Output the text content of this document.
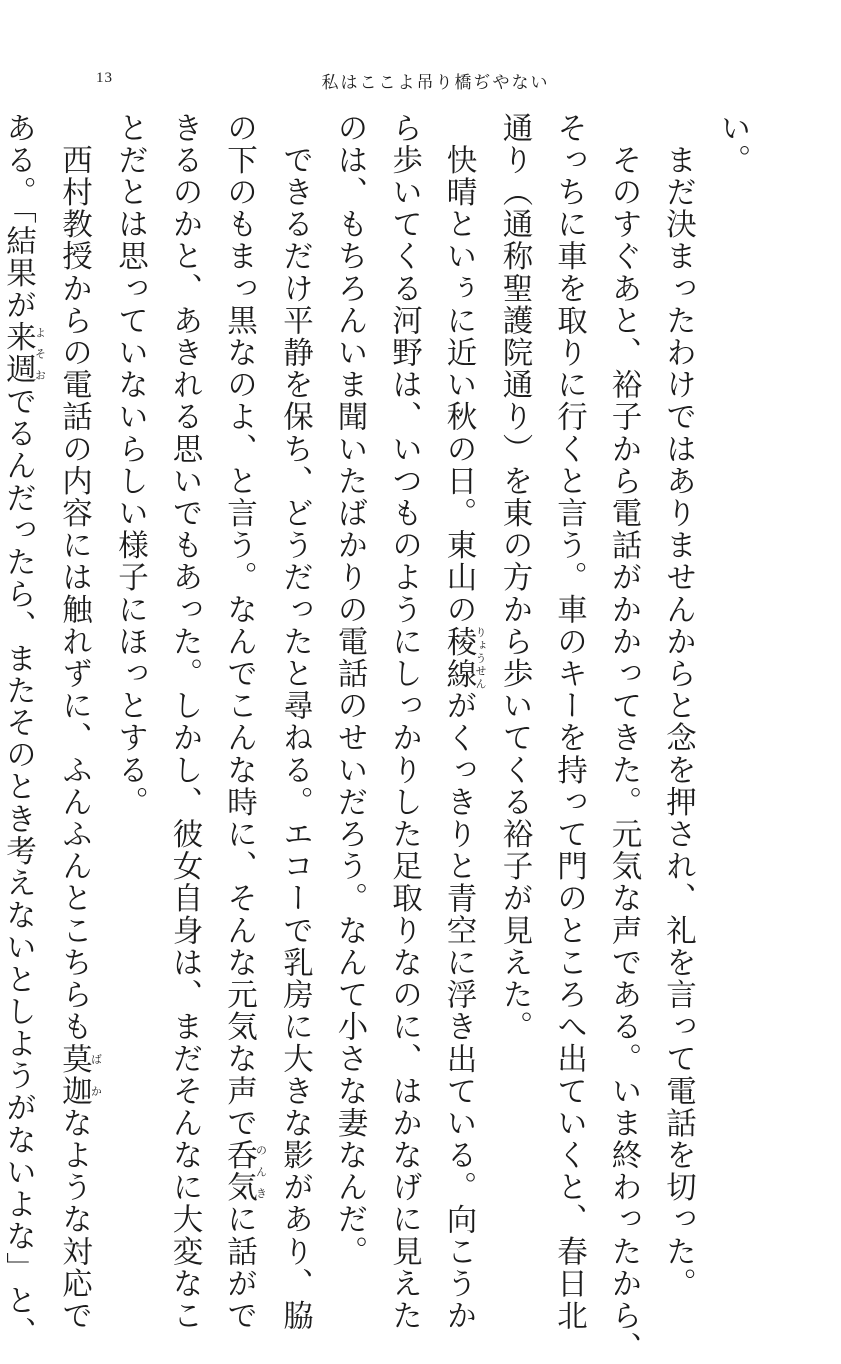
13	私はここよ吊り橋ぢやない
い。
　まだ決まったわけではありませんからと念を押され、礼を言って電話を切った。
　そのすぐあと、裕子から電話がかかってきた。元気な声である。いま終わったから、
そっちに車を取りに行くと言う。車のキーを持って門のところへ出ていくと、春日北
通り（通称聖護院通り）を東の方から歩いてくる裕子が見えた。
　快晴といぅに近い秋の日。東山の稜線りょうせんがくっきりと青空に浮き出ている。向こうか
ら歩いてくる河野は、いつものようにしっかりした足取りなのに、はかなげに見えた
のは、もちろんいま聞いたばかりの電話のせいだろう。なんて小さな妻なんだ。
　できるだけ平静を保ち、どうだったと尋ねる。エコーで乳房に大きな影があり、脇
の下のもまっ黒なのよ、と言う。なんでこんな時に、そんな元気な声で呑気のんきに話がで
きるのかと、あきれる思いでもあった。しかし、彼女自身は、まだそんなに大変なこ
とだとは思っていないらしい様子にほっとする。
　西村教授からの電話の内容には触れずに、ふんふんとこちらも莫迦ばかなような対応で
ある。「結果が来週よそおでるんだったら、またそのとき考えないとしようがないよな」と、
